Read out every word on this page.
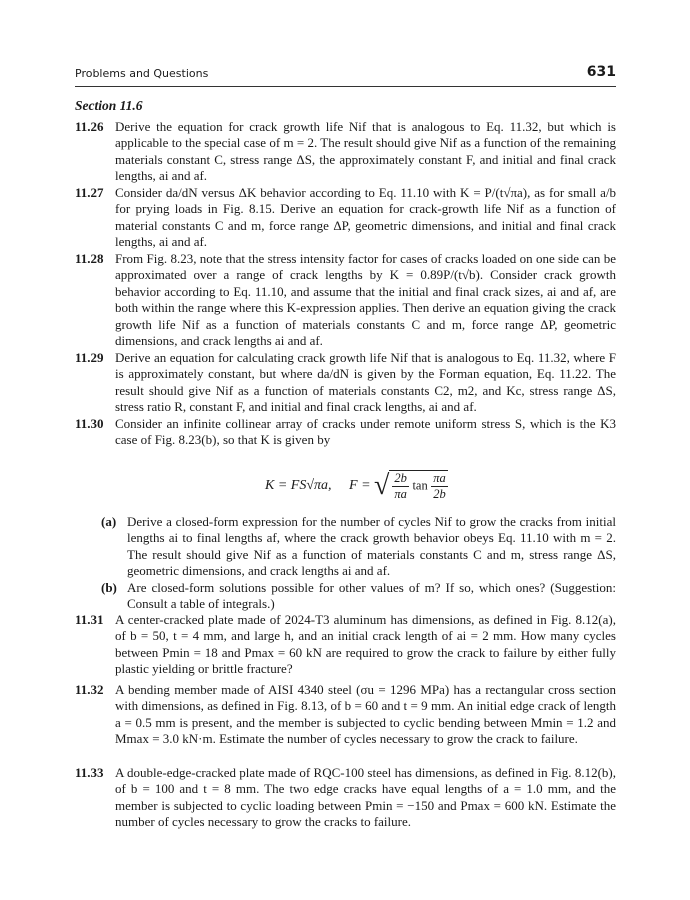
Problems and Questions	631
Section 11.6
11.26 Derive the equation for crack growth life Nif that is analogous to Eq. 11.32, but which is applicable to the special case of m = 2. The result should give Nif as a function of the remaining materials constant C, stress range ΔS, the approximately constant F, and initial and final crack lengths, ai and af.
11.27 Consider da/dN versus ΔK behavior according to Eq. 11.10 with K = P/(t√πa), as for small a/b for prying loads in Fig. 8.15. Derive an equation for crack-growth life Nif as a function of material constants C and m, force range ΔP, geometric dimensions, and initial and final crack lengths, ai and af.
11.28 From Fig. 8.23, note that the stress intensity factor for cases of cracks loaded on one side can be approximated over a range of crack lengths by K = 0.89P/(t√b). Consider crack growth behavior according to Eq. 11.10, and assume that the initial and final crack sizes, ai and af, are both within the range where this K-expression applies. Then derive an equation giving the crack growth life Nif as a function of materials constants C and m, force range ΔP, geometric dimensions, and crack lengths ai and af.
11.29 Derive an equation for calculating crack growth life Nif that is analogous to Eq. 11.32, where F is approximately constant, but where da/dN is given by the Forman equation, Eq. 11.22. The result should give Nif as a function of materials constants C2, m2, and Kc, stress range ΔS, stress ratio R, constant F, and initial and final crack lengths, ai and af.
11.30 Consider an infinite collinear array of cracks under remote uniform stress S, which is the K3 case of Fig. 8.23(b), so that K is given by
K = FS√πa, F = √ $\frac{2b}{\pi a}$ $\tan \frac{\pi a}{2b}$
(a) Derive a closed-form expression for the number of cycles Nif to grow the cracks from initial lengths ai to final lengths af, where the crack growth behavior obeys Eq. 11.10 with m = 2. The result should give Nif as a function of materials constants C and m, stress range ΔS, geometric dimensions, and crack lengths ai and af.
(b) Are closed-form solutions possible for other values of m? If so, which ones? (Suggestion: Consult a table of integrals.)
11.31 A center-cracked plate made of 2024-T3 aluminum has dimensions, as defined in Fig. 8.12(a), of b = 50, t = 4 mm, and large h, and an initial crack length of ai = 2 mm. How many cycles between Pmin = 18 and Pmax = 60 kN are required to grow the crack to failure by either fully plastic yielding or brittle fracture?
11.32 A bending member made of AISI 4340 steel (σu = 1296 MPa) has a rectangular cross section with dimensions, as defined in Fig. 8.13, of b = 60 and t = 9 mm. An initial edge crack of length a = 0.5 mm is present, and the member is subjected to cyclic bending between Mmin = 1.2 and Mmax = 3.0 kN·m. Estimate the number of cycles necessary to grow the crack to failure.
11.33 A double-edge-cracked plate made of RQC-100 steel has dimensions, as defined in Fig. 8.12(b), of b = 100 and t = 8 mm. The two edge cracks have equal lengths of a = 1.0 mm, and the member is subjected to cyclic loading between Pmin = −150 and Pmax = 600 kN. Estimate the number of cycles necessary to grow the cracks to failure.
